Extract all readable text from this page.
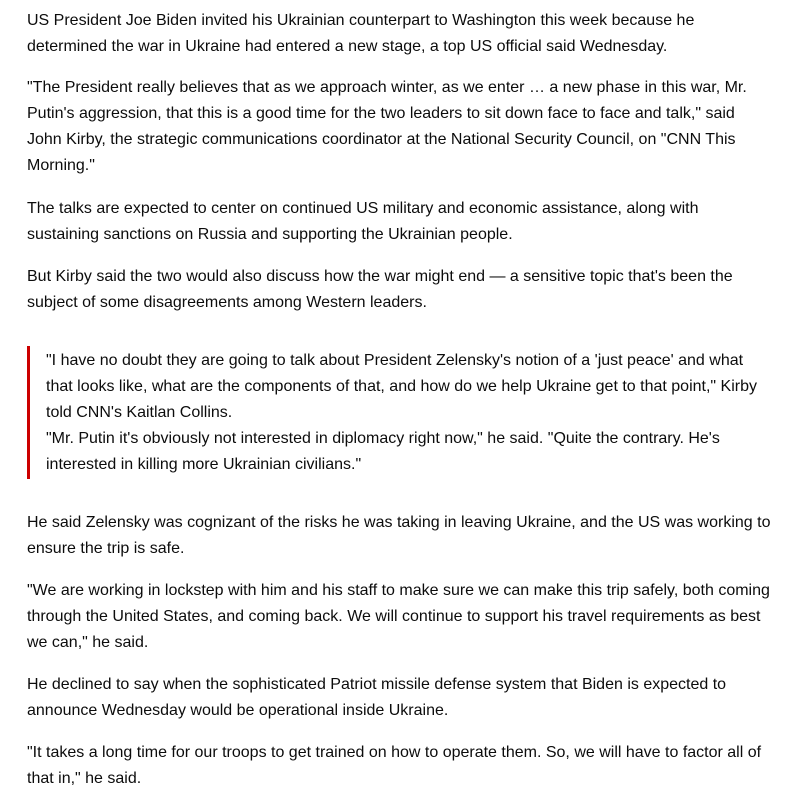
US President Joe Biden invited his Ukrainian counterpart to Washington this week because he determined the war in Ukraine had entered a new stage, a top US official said Wednesday.

"The President really believes that as we approach winter, as we enter … a new phase in this war, Mr. Putin's aggression, that this is a good time for the two leaders to sit down face to face and talk," said John Kirby, the strategic communications coordinator at the National Security Council, on "CNN This Morning."

The talks are expected to center on continued US military and economic assistance, along with sustaining sanctions on Russia and supporting the Ukrainian people.

But Kirby said the two would also discuss how the war might end — a sensitive topic that's been the subject of some disagreements among Western leaders.

"I have no doubt they are going to talk about President Zelensky's notion of a 'just peace' and what that looks like, what are the components of that, and how do we help Ukraine get to that point," Kirby told CNN's Kaitlan Collins.

"Mr. Putin it's obviously not interested in diplomacy right now," he said. "Quite the contrary. He's interested in killing more Ukrainian civilians."

He said Zelensky was cognizant of the risks he was taking in leaving Ukraine, and the US was working to ensure the trip is safe.

"We are working in lockstep with him and his staff to make sure we can make this trip safely, both coming through the United States, and coming back. We will continue to support his travel requirements as best we can," he said.

He declined to say when the sophisticated Patriot missile defense system that Biden is expected to announce Wednesday would be operational inside Ukraine.

"It takes a long time for our troops to get trained on how to operate them. So, we will have to factor all of that in," he said.
